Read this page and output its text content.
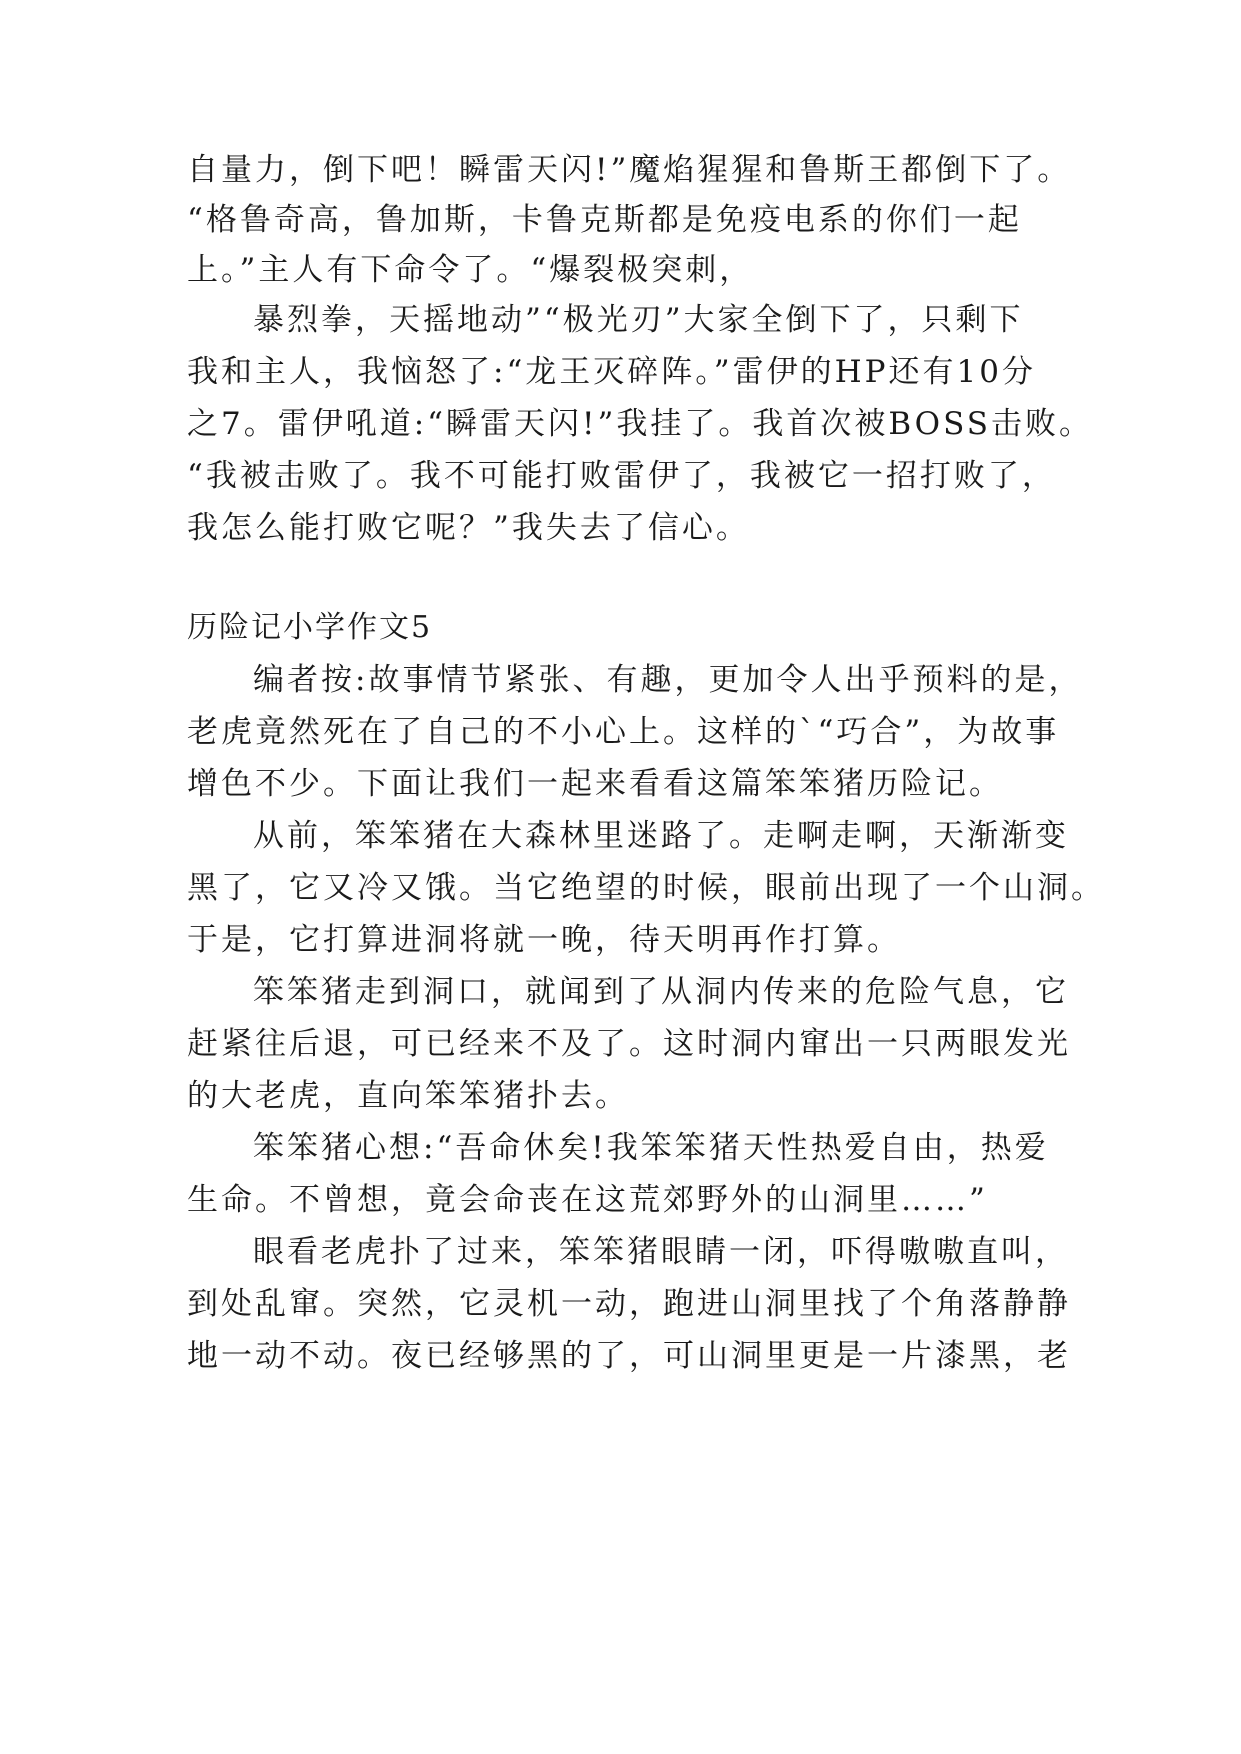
自量力，倒下吧！瞬雷天闪!”魔焰猩猩和鲁斯王都倒下了。
“格鲁奇高，鲁加斯，卡鲁克斯都是免疫电系的你们一起
上。”主人有下命令了。“爆裂极突刺，
暴烈拳，天摇地动”“极光刃”大家全倒下了，只剩下
我和主人，我恼怒了:“龙王灭碎阵。”雷伊的HP还有10分
之7。雷伊吼道:“瞬雷天闪!”我挂了。我首次被BOSS击败。
“我被击败了。我不可能打败雷伊了，我被它一招打败了，
我怎么能打败它呢？”我失去了信心。
历险记小学作文5
编者按:故事情节紧张、有趣，更加令人出乎预料的是，
老虎竟然死在了自己的不小心上。这样的`“巧合”，为故事
增色不少。下面让我们一起来看看这篇笨笨猪历险记。
从前，笨笨猪在大森林里迷路了。走啊走啊，天渐渐变
黑了，它又冷又饿。当它绝望的时候，眼前出现了一个山洞。
于是，它打算进洞将就一晚，待天明再作打算。
笨笨猪走到洞口，就闻到了从洞内传来的危险气息，它
赶紧往后退，可已经来不及了。这时洞内窜出一只两眼发光
的大老虎，直向笨笨猪扑去。
笨笨猪心想:“吾命休矣!我笨笨猪天性热爱自由，热爱
生命。不曾想，竟会命丧在这荒郊野外的山洞里……”
眼看老虎扑了过来，笨笨猪眼睛一闭，吓得嗷嗷直叫，
到处乱窜。突然，它灵机一动，跑进山洞里找了个角落静静
地一动不动。夜已经够黑的了，可山洞里更是一片漆黑，老
